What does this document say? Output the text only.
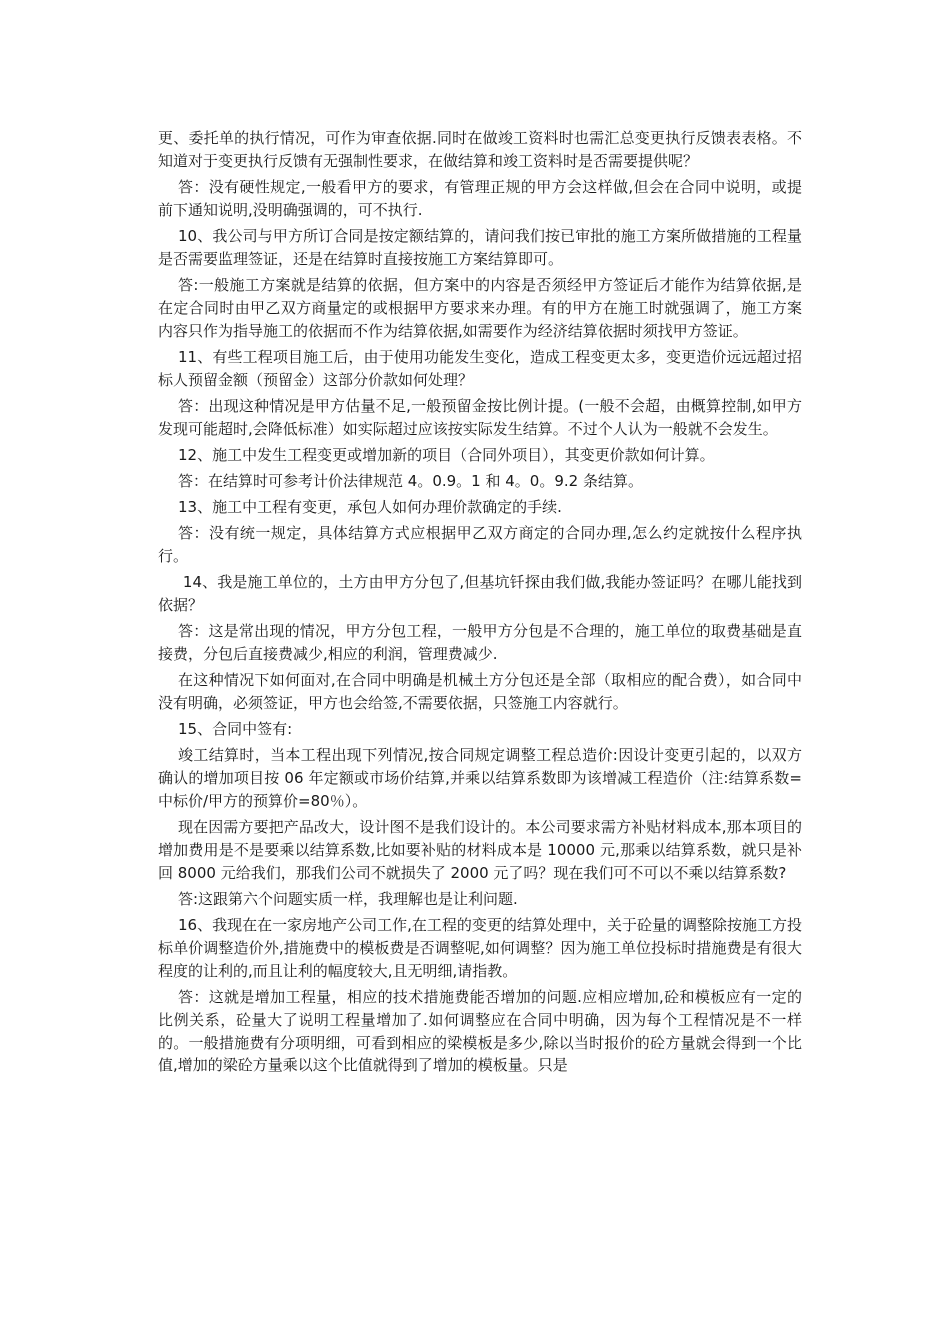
更、委托单的执行情况，可作为审查依据.同时在做竣工资料时也需汇总变更执行反馈表表格。不知道对于变更执行反馈有无强制性要求，在做结算和竣工资料时是否需要提供呢？

答：没有硬性规定,一般看甲方的要求，有管理正规的甲方会这样做,但会在合同中说明，或提前下通知说明,没明确强调的，可不执行.

10、我公司与甲方所订合同是按定额结算的，请问我们按已审批的施工方案所做措施的工程量是否需要监理签证，还是在结算时直接按施工方案结算即可。

答:一般施工方案就是结算的依据，但方案中的内容是否须经甲方签证后才能作为结算依据,是在定合同时由甲乙双方商量定的或根据甲方要求来办理。有的甲方在施工时就强调了，施工方案内容只作为指导施工的依据而不作为结算依据,如需要作为经济结算依据时须找甲方签证。

11、有些工程项目施工后，由于使用功能发生变化，造成工程变更太多，变更造价远远超过招标人预留金额（预留金）这部分价款如何处理？

答：出现这种情况是甲方估量不足,一般预留金按比例计提。(一般不会超，由概算控制,如甲方发现可能超时,会降低标准）如实际超过应该按实际发生结算。不过个人认为一般就不会发生。

12、施工中发生工程变更或增加新的项目（合同外项目），其变更价款如何计算。

答：在结算时可参考计价法律规范 4。0.9。1 和 4。0。9.2 条结算。

13、施工中工程有变更，承包人如何办理价款确定的手续.

答：没有统一规定，具体结算方式应根据甲乙双方商定的合同办理,怎么约定就按什么程序执行。

14、我是施工单位的，土方由甲方分包了,但基坑钎探由我们做,我能办签证吗？在哪儿能找到依据？

答：这是常出现的情况，甲方分包工程，一般甲方分包是不合理的，施工单位的取费基础是直接费，分包后直接费减少,相应的利润，管理费减少.

在这种情况下如何面对,在合同中明确是机械土方分包还是全部（取相应的配合费），如合同中没有明确，必须签证，甲方也会给签,不需要依据，只签施工内容就行。

15、合同中签有:

竣工结算时，当本工程出现下列情况,按合同规定调整工程总造价:因设计变更引起的，以双方确认的增加项目按 06 年定额或市场价结算,并乘以结算系数即为该增减工程造价（注:结算系数=中标价/甲方的预算价=80％）。

现在因需方要把产品改大，设计图不是我们设计的。本公司要求需方补贴材料成本,那本项目的增加费用是不是要乘以结算系数,比如要补贴的材料成本是 10000 元,那乘以结算系数，就只是补回 8000 元给我们，那我们公司不就损失了 2000 元了吗？现在我们可不可以不乘以结算系数?

答:这跟第六个问题实质一样，我理解也是让利问题.

16、我现在在一家房地产公司工作,在工程的变更的结算处理中，关于砼量的调整除按施工方投标单价调整造价外,措施费中的模板费是否调整呢,如何调整？因为施工单位投标时措施费是有很大程度的让利的,而且让利的幅度较大,且无明细,请指教。

答：这就是增加工程量，相应的技术措施费能否增加的问题.应相应增加,砼和模板应有一定的比例关系，砼量大了说明工程量增加了.如何调整应在合同中明确，因为每个工程情况是不一样的。一般措施费有分项明细，可看到相应的梁模板是多少,除以当时报价的砼方量就会得到一个比值,增加的梁砼方量乘以这个比值就得到了增加的模板量。只是
